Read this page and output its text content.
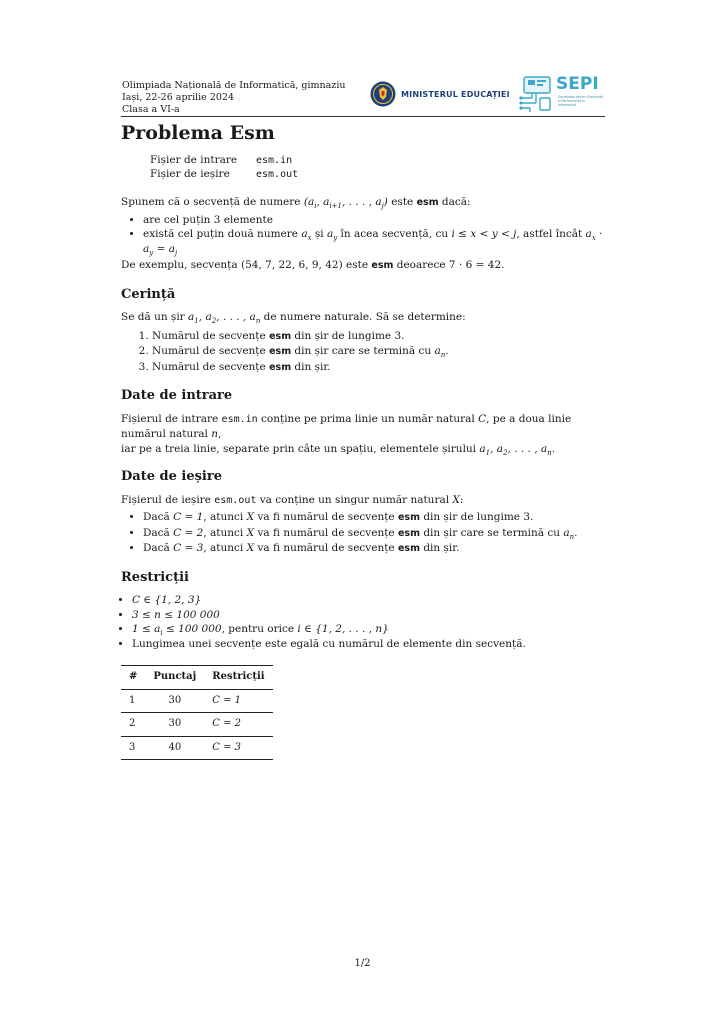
Olimpiada Națională de Informatică, gimnaziu
Iași, 22-26 aprilie 2024
Clasa a VI-a
MINISTERUL EDUCAȚIEI	SEPI
Societatea pentru Excelență și Performanță în Informatică
Problema Esm
Fișier de intrare	esm.in
Fișier de ieșire	esm.out

Spunem că o secvență de numere ($a_i$, $a_{i+1}$, . . . , $a_j$) este esm dacă:

• are cel puțin 3 elemente
• există cel puțin două numere $a_x$ și $a_y$ în acea secvență, cu i ≤ x < y < j, astfel încât $a_x \cdot a_y = a_j$

De exemplu, secvența (54, 7, 22, 6, 9, 42) este esm deoarece 7 · 6 = 42.

Cerință

Se dă un șir $a_1$, $a_2$, . . . , $a_n$ de numere naturale. Să se determine:

1. Numărul de secvențe esm din șir de lungime 3.
2. Numărul de secvențe esm din șir care se termină cu $a_n$.
3. Numărul de secvențe esm din șir.
Date de intrare

Fișierul de intrare esm.in conține pe prima linie un număr natural C, pe a doua linie numărul natural n,
iar pe a treia linie, separate prin câte un spațiu, elementele șirului $a_1$, $a_2$, . . . , $a_n$.

Date de ieșire

Fișierul de ieșire esm.out va conține un singur număr natural X:

• Dacă C = 1, atunci X va fi numărul de secvențe esm din șir de lungime 3.
• Dacă C = 2, atunci X va fi numărul de secvențe esm din șir care se termină cu $a_n$.
• Dacă C = 3, atunci X va fi numărul de secvențe esm din șir.
Restricții
• C ∈ {1, 2, 3}
• 3 ≤ n ≤ 100 000
• $1 \le a_i \le 100$ 000, pentru orice i ∈ {1, 2, . . . , n}
• Lungimea unei secvențe este egală cu numărul de elemente din secvență.
#	Punctaj	Restricții
1	30	C = 1
2	30	C = 2
3	40	C = 3
1/2
